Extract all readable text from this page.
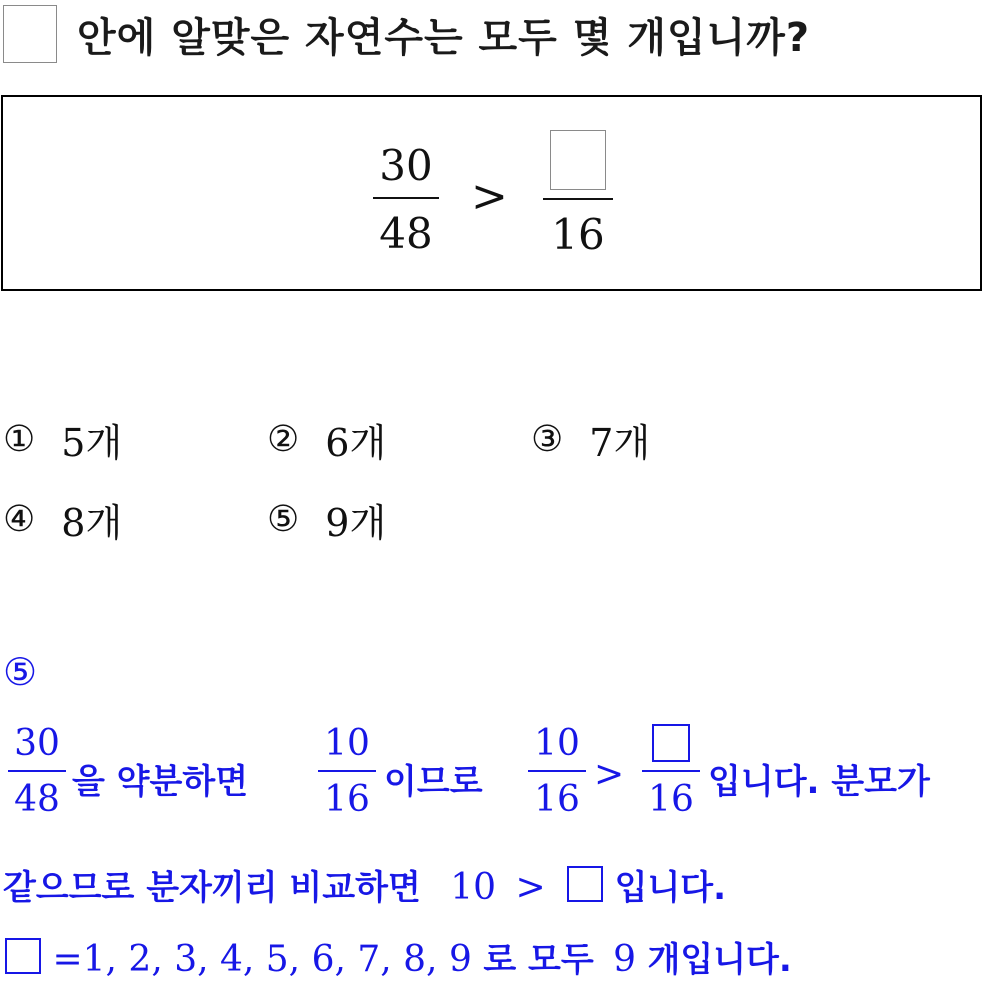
안에 알맞은 자연수는 모두 몇 개입니까?
30
48
>
16
① 5개	② 6개	③ 7개
④ 8개	⑤ 9개
⑤
30
48 을 약분하면
10
16 이므로
10
16
>
16 입니다. 분모가
같으므로 분자끼리 비교하면 10 > 입니다.
=1, 2, 3, 4, 5, 6, 7, 8, 9 로 모두 9 개입니다.
